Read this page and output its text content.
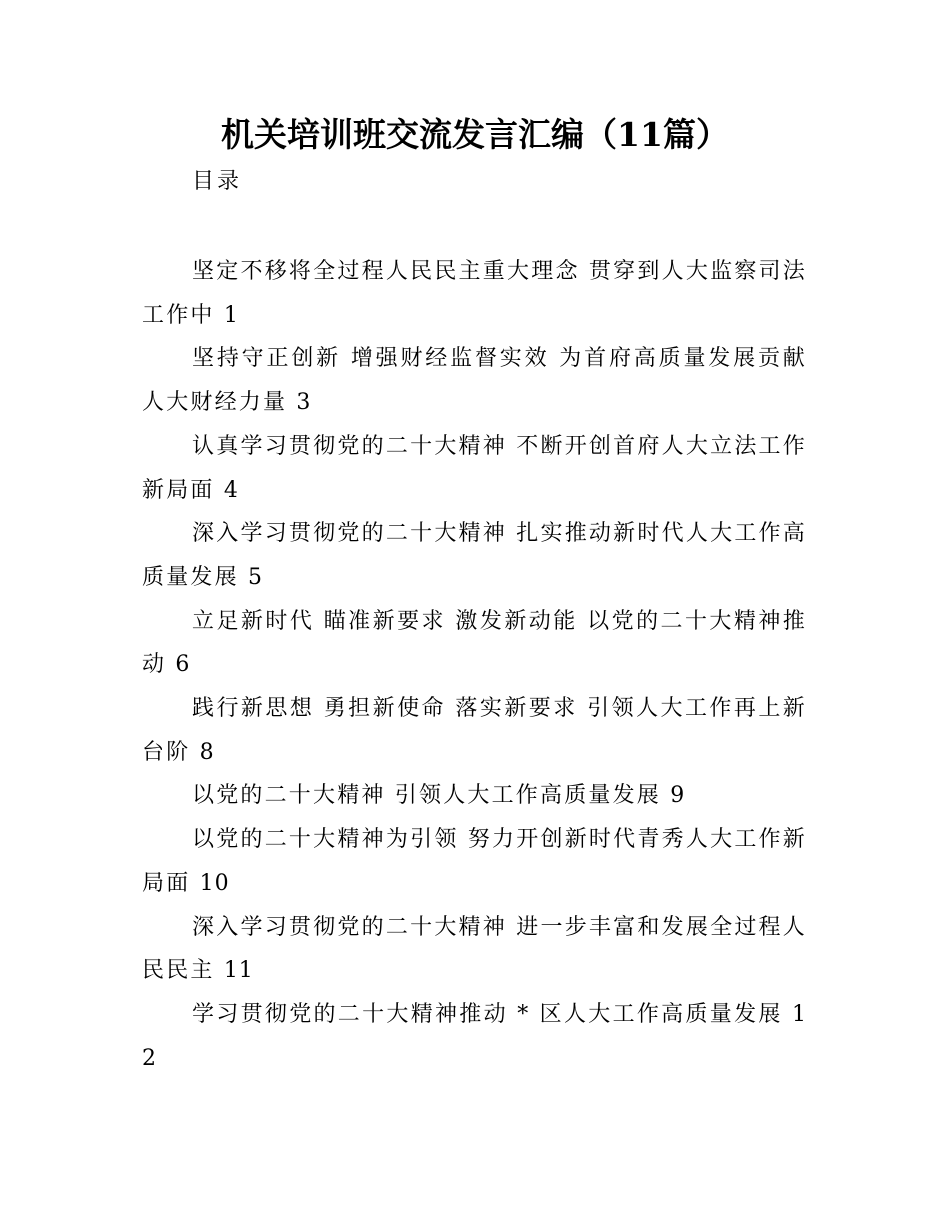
机关培训班交流发言汇编（11篇）
目录

坚定不移将全过程人民民主重大理念 贯穿到人大监察司法工作中 1

坚持守正创新 增强财经监督实效 为首府高质量发展贡献人大财经力量 3

认真学习贯彻党的二十大精神 不断开创首府人大立法工作新局面 4

深入学习贯彻党的二十大精神 扎实推动新时代人大工作高质量发展 5

立足新时代 瞄准新要求 激发新动能 以党的二十大精神推动 6

践行新思想 勇担新使命 落实新要求 引领人大工作再上新台阶 8

以党的二十大精神 引领人大工作高质量发展 9

以党的二十大精神为引领 努力开创新时代青秀人大工作新局面 10

深入学习贯彻党的二十大精神 进一步丰富和发展全过程人民民主 11

学习贯彻党的二十大精神推动 * 区人大工作高质量发展 12
